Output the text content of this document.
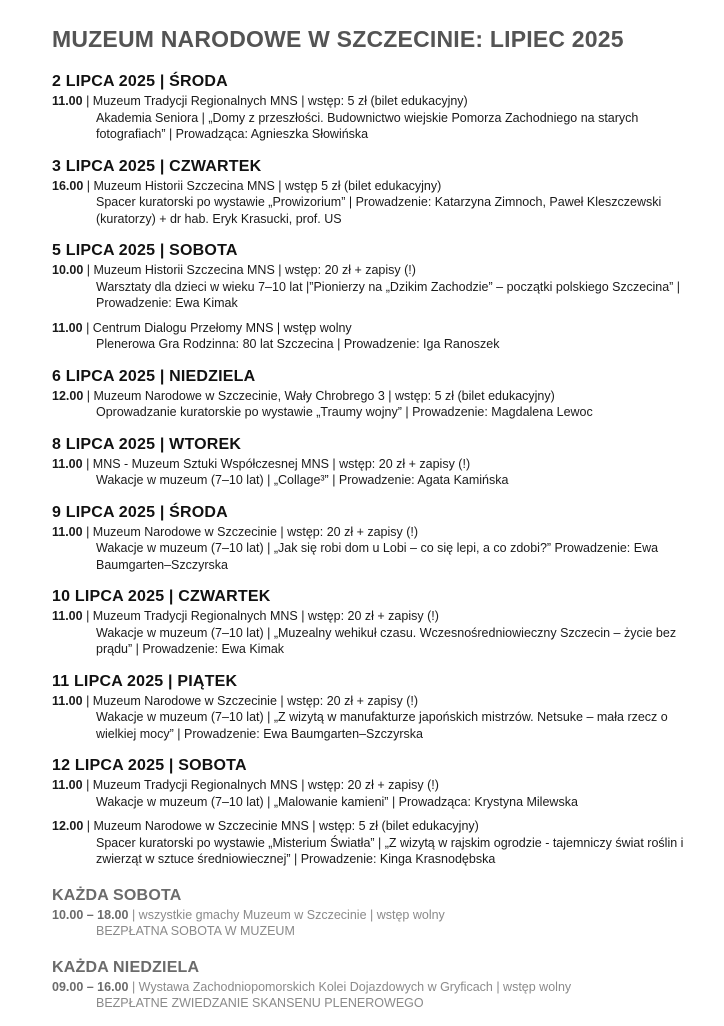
MUZEUM NARODOWE W SZCZECINIE: LIPIEC 2025
2 LIPCA 2025 | ŚRODA
11.00 | Muzeum Tradycji Regionalnych MNS | wstęp: 5 zł (bilet edukacyjny)
Akademia Seniora | „Domy z przeszłości. Budownictwo wiejskie Pomorza Zachodniego na starych fotografiach” | Prowadząca: Agnieszka Słowińska
3 LIPCA 2025 | CZWARTEK
16.00 | Muzeum Historii Szczecina MNS | wstęp 5 zł (bilet edukacyjny)
Spacer kuratorski po wystawie „Prowizorium” | Prowadzenie: Katarzyna Zimnoch, Paweł Kleszczewski (kuratorzy) + dr hab. Eryk Krasucki, prof. US
5 LIPCA 2025 | SOBOTA
10.00 | Muzeum Historii Szczecina MNS | wstęp: 20 zł + zapisy (!)
Warsztaty dla dzieci w wieku 7–10 lat |”Pionierzy na „Dzikim Zachodzie” – początki polskiego Szczecina” | Prowadzenie: Ewa Kimak
11.00 | Centrum Dialogu Przełomy MNS | wstęp wolny
Plenerowa Gra Rodzinna: 80 lat Szczecina | Prowadzenie: Iga Ranoszek
6 LIPCA 2025 | NIEDZIELA
12.00 | Muzeum Narodowe w Szczecinie, Wały Chrobrego 3 | wstęp: 5 zł (bilet edukacyjny)
Oprowadzanie kuratorskie po wystawie „Traumy wojny” | Prowadzenie: Magdalena Lewoc
8 LIPCA 2025 | WTOREK
11.00 | MNS - Muzeum Sztuki Współczesnej MNS | wstęp: 20 zł + zapisy (!)
Wakacje w muzeum (7–10 lat) | „Collage³” | Prowadzenie: Agata Kamińska
9 LIPCA 2025 | ŚRODA
11.00 | Muzeum Narodowe w Szczecinie | wstęp: 20 zł + zapisy (!)
Wakacje w muzeum (7–10 lat) | „Jak się robi dom u Lobi – co się lepi, a co zdobi?” Prowadzenie: Ewa Baumgarten–Szczyrska
10 LIPCA 2025 | CZWARTEK
11.00 | Muzeum Tradycji Regionalnych MNS | wstęp: 20 zł + zapisy (!)
Wakacje w muzeum (7–10 lat) | „Muzealny wehikuł czasu. Wczesnośredniowieczny Szczecin – życie bez prądu” | Prowadzenie: Ewa Kimak
11 LIPCA 2025 | PIĄTEK
11.00 | Muzeum Narodowe w Szczecinie | wstęp: 20 zł + zapisy (!)
Wakacje w muzeum (7–10 lat) | „Z wizytą w manufakturze japońskich mistrzów. Netsuke – mała rzecz o wielkiej mocy” | Prowadzenie: Ewa Baumgarten–Szczyrska
12 LIPCA 2025 | SOBOTA
11.00 | Muzeum Tradycji Regionalnych MNS | wstęp: 20 zł + zapisy (!)
Wakacje w muzeum (7–10 lat) | „Malowanie kamieni” | Prowadząca: Krystyna Milewska
12.00 | Muzeum Narodowe w Szczecinie MNS | wstęp: 5 zł (bilet edukacyjny)
Spacer kuratorski po wystawie „Misterium Światła” | „Z wizytą w rajskim ogrodzie - tajemniczy świat roślin i zwierząt w sztuce średniowiecznej” | Prowadzenie: Kinga Krasnodębska
KAŻDA SOBOTA
10.00 – 18.00 | wszystkie gmachy Muzeum w Szczecinie | wstęp wolny
BEZPŁATNA SOBOTA W MUZEUM
KAŻDA NIEDZIELA
09.00 – 16.00 | Wystawa Zachodniopomorskich Kolei Dojazdowych w Gryficach | wstęp wolny
BEZPŁATNE ZWIEDZANIE SKANSENU PLENEROWEGO
